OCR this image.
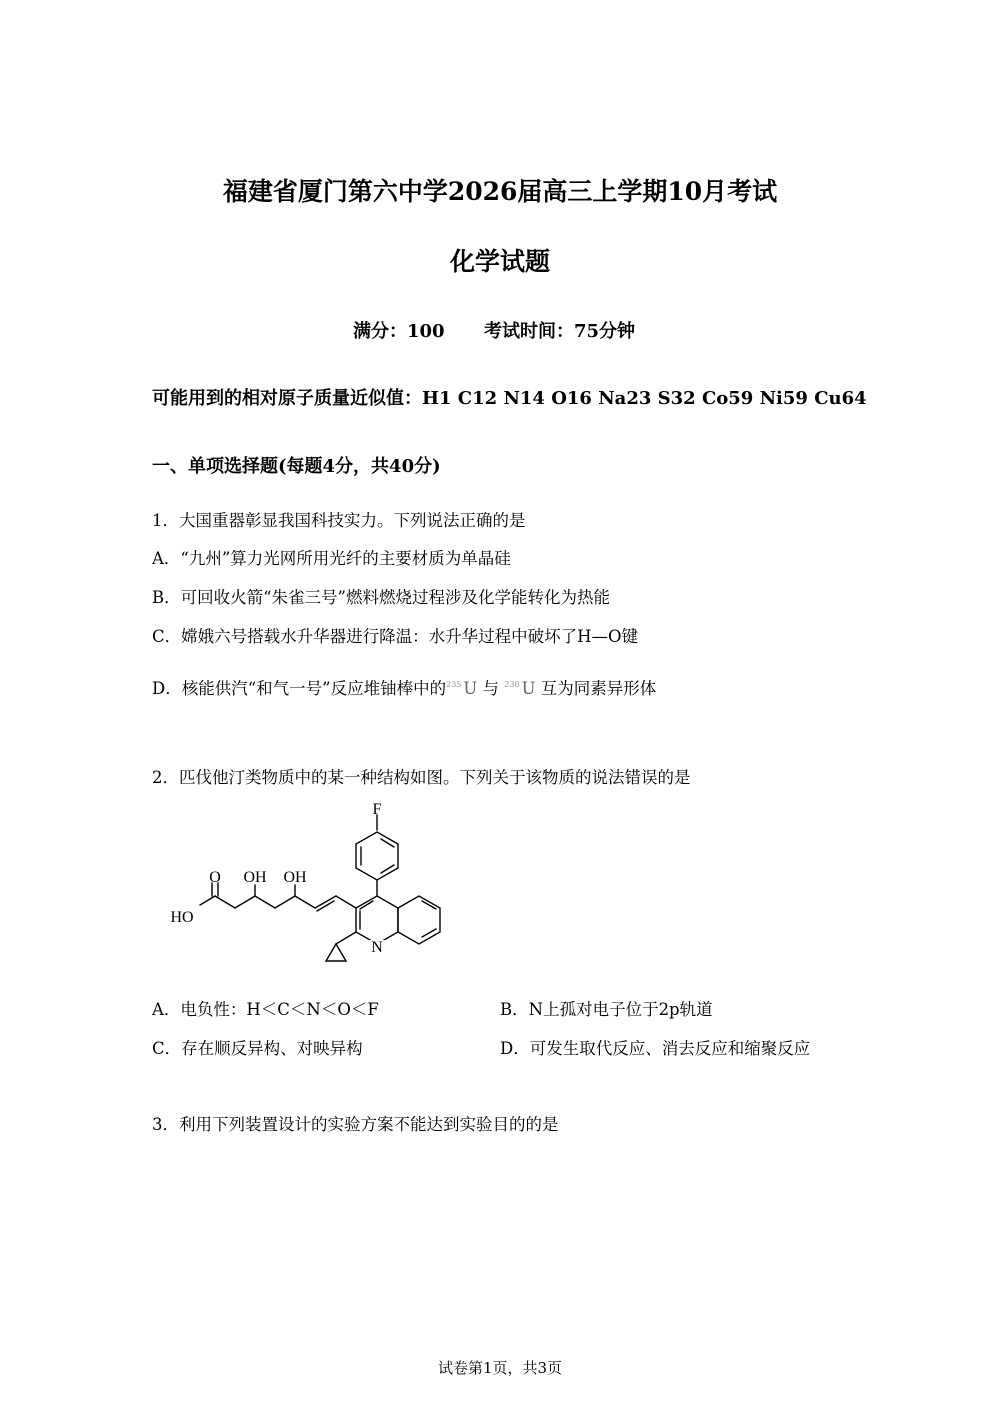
福建省厦门第六中学2026届高三上学期10月考试
化学试题
满分：100 考试时间：75分钟
可能用到的相对原子质量近似值：H1 C12 N14 O16 Na23 S32 Co59 Ni59 Cu64
一、单项选择题(每题4分，共40分)
1．大国重器彰显我国科技实力。下列说法正确的是
A．“九州”算力光网所用光纤的主要材质为单晶硅
B．可回收火箭“朱雀三号”燃料燃烧过程涉及化学能转化为热能
C．嫦娥六号搭载水升华器进行降温：水升华过程中破坏了H—O键
D．核能供汽“和气一号”反应堆铀棒中的$^{235}$ U 与 $^{238}$ U 互为同素异形体
2．匹伐他汀类物质中的某一种结构如图。下列关于该物质的说法错误的是
F
O OH OH
HO
N
A．电负性：H＜C＜N＜O＜F	B．N上孤对电子位于2p轨道
C．存在顺反异构、对映异构	D．可发生取代反应、消去反应和缩聚反应
3．利用下列装置设计的实验方案不能达到实验目的的是
试卷第1页，共3页
